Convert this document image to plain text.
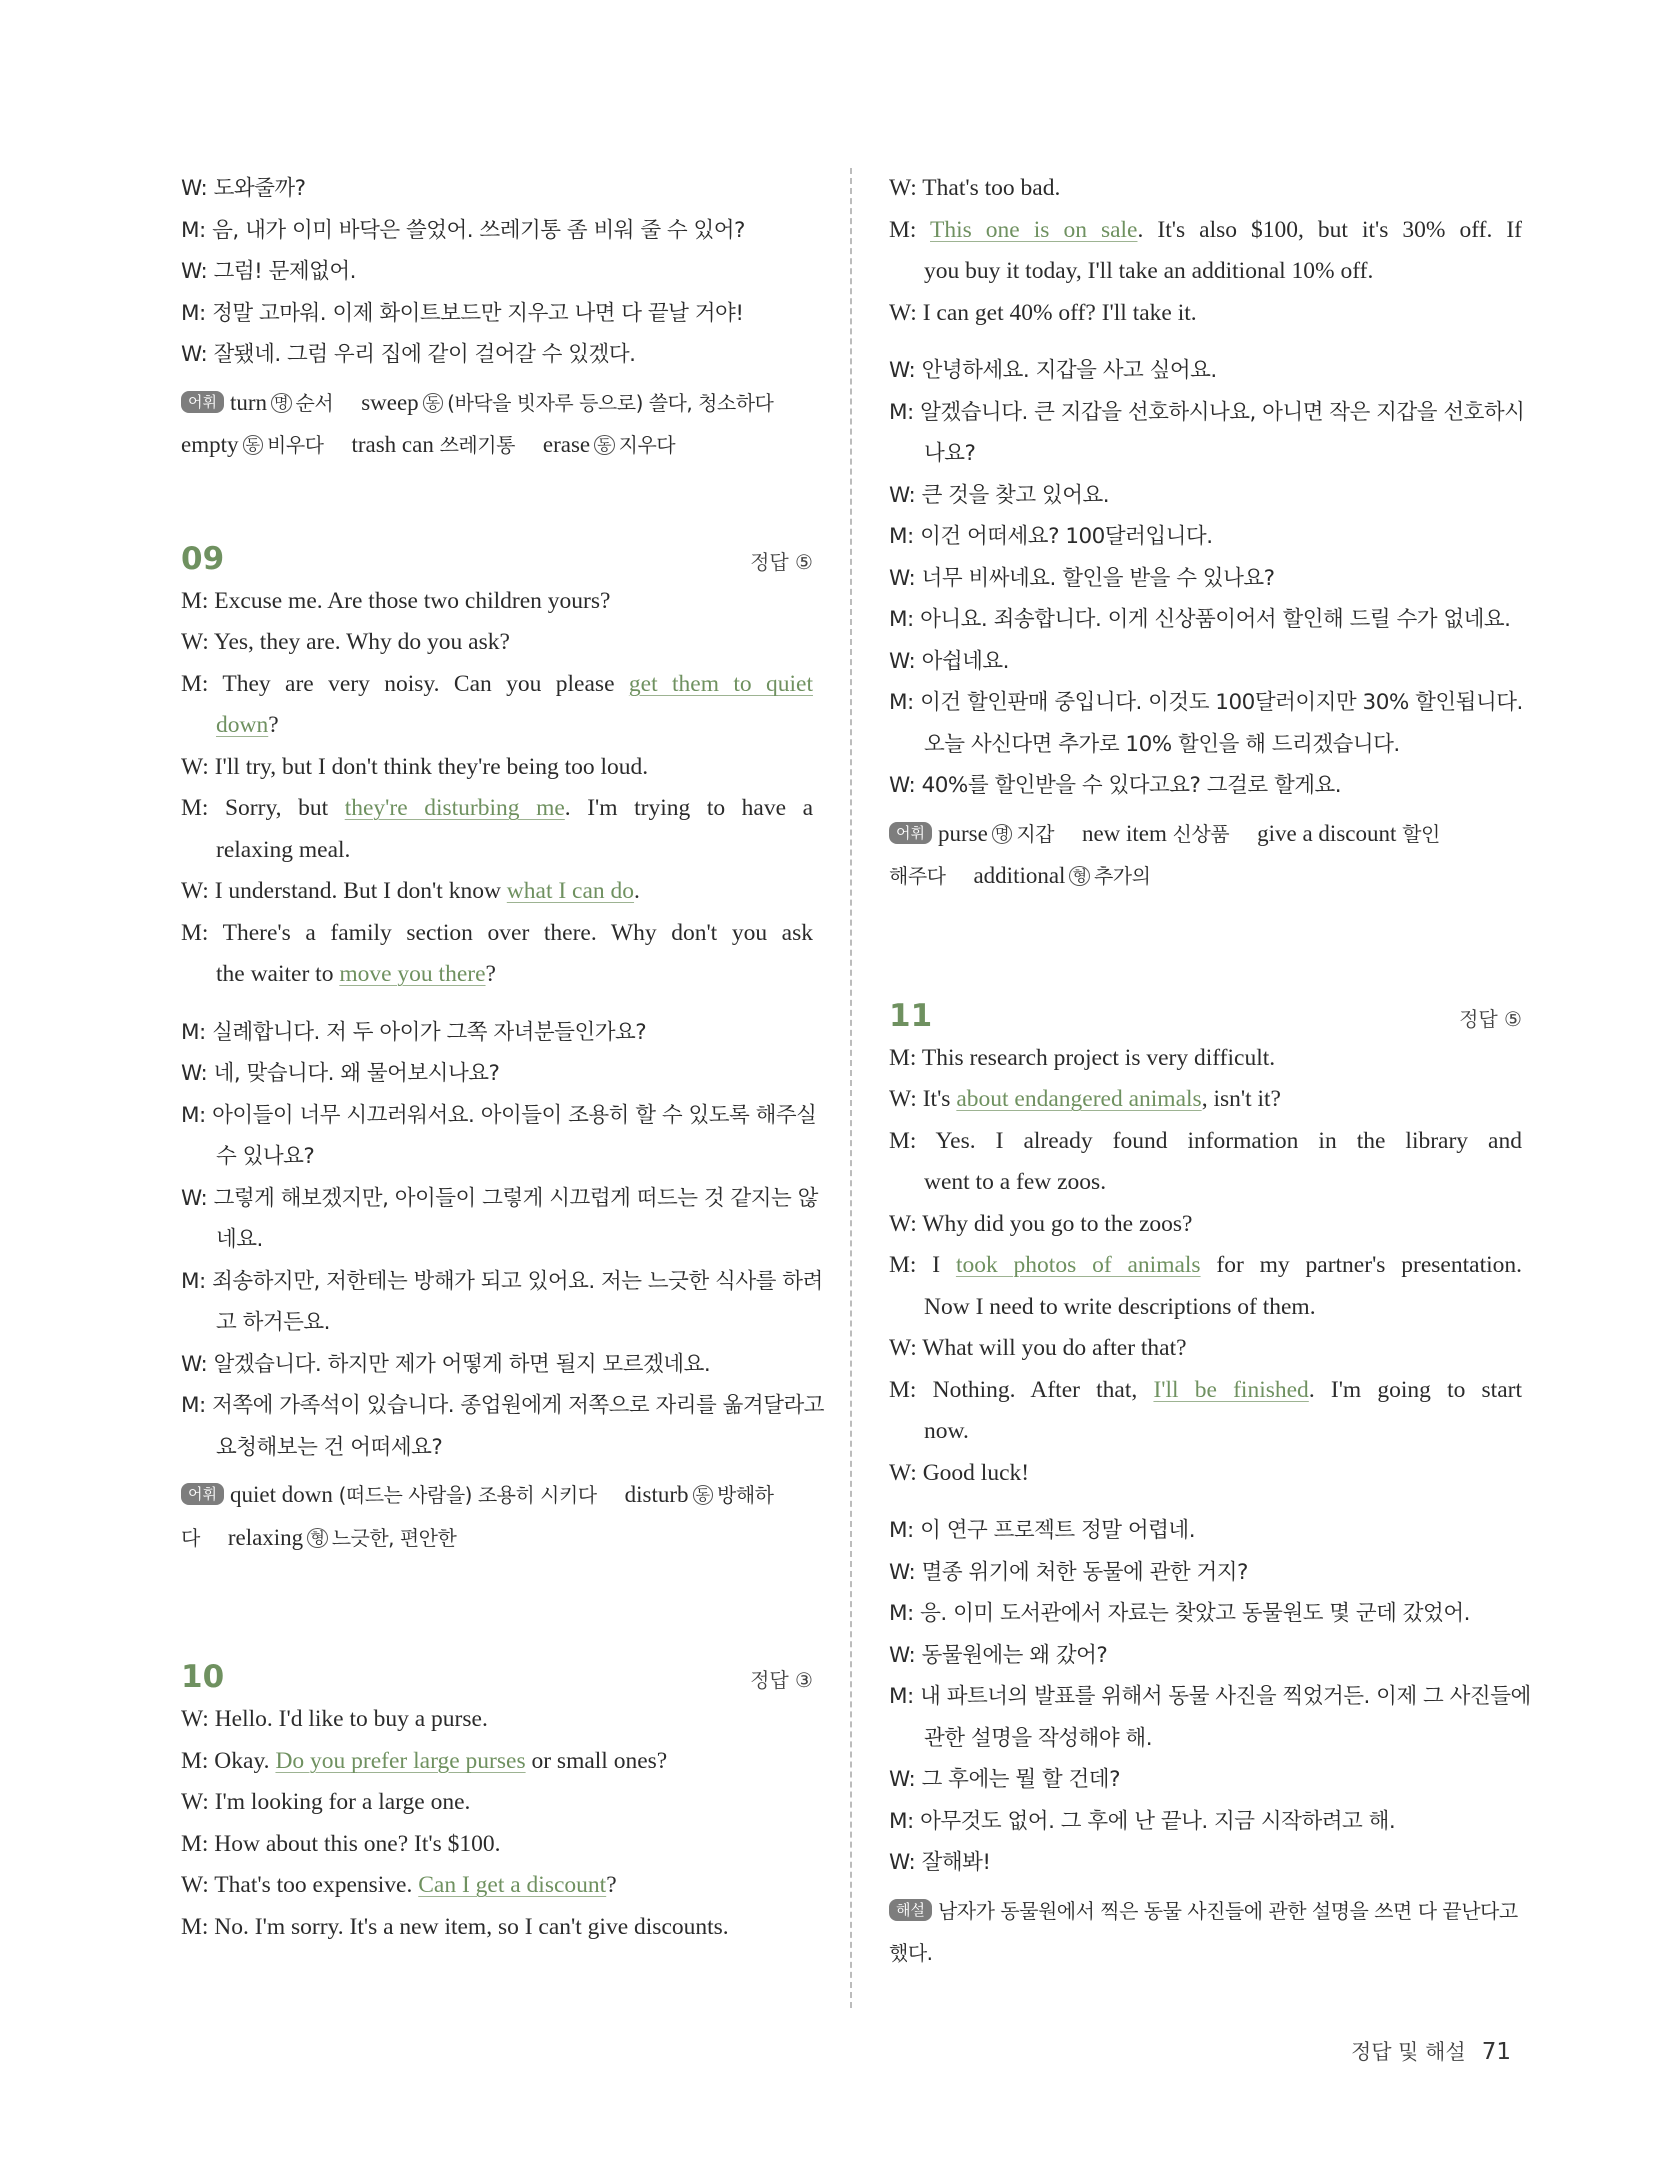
W: 도와줄까?

M: 음, 내가 이미 바닥은 쓸었어. 쓰레기통 좀 비워 줄 수 있어?

W: 그럼! 문제없어.

M: 정말 고마워. 이제 화이트보드만 지우고 나면 다 끝날 거야!

W: 잘됐네. 그럼 우리 집에 같이 걸어갈 수 있겠다.

어휘 turn 명 순서 sweep 동 (바닥을 빗자루 등으로) 쓸다, 청소하다
empty 동 비우다 trash can 쓰레기통 erase 동 지우다
09	정답 ⑤

M: Excuse me. Are those two children yours?

W: Yes, they are. Why do you ask?

M: They are very noisy. Can you please get them to quiet

down?

W: I'll try, but I don't think they're being too loud.

M: Sorry, but they're disturbing me. I'm trying to have a

relaxing meal.

W: I understand. But I don't know what I can do.

M: There's a family section over there. Why don't you ask

the waiter to move you there?

M: 실례합니다. 저 두 아이가 그쪽 자녀분들인가요?

W: 네, 맞습니다. 왜 물어보시나요?

M: 아이들이 너무 시끄러워서요. 아이들이 조용히 할 수 있도록 해주실

수 있나요?

W: 그렇게 해보겠지만, 아이들이 그렇게 시끄럽게 떠드는 것 같지는 않

네요.

M: 죄송하지만, 저한테는 방해가 되고 있어요. 저는 느긋한 식사를 하려

고 하거든요.

W: 알겠습니다. 하지만 제가 어떻게 하면 될지 모르겠네요.

M: 저쪽에 가족석이 있습니다. 종업원에게 저쪽으로 자리를 옮겨달라고

요청해보는 건 어떠세요?

어휘 quiet down (떠드는 사람을) 조용히 시키다 disturb 동 방해하
다 relaxing 형 느긋한, 편안한
10	정답 ③

W: Hello. I'd like to buy a purse.

M: Okay. Do you prefer large purses or small ones?

W: I'm looking for a large one.

M: How about this one? It's $100.

W: That's too expensive. Can I get a discount?

M: No. I'm sorry. It's a new item, so I can't give discounts.

W: That's too bad.

M: This one is on sale. It's also $100, but it's 30% off. If

you buy it today, I'll take an additional 10% off.

W: I can get 40% off? I'll take it.

W: 안녕하세요. 지갑을 사고 싶어요.

M: 알겠습니다. 큰 지갑을 선호하시나요, 아니면 작은 지갑을 선호하시

나요?

W: 큰 것을 찾고 있어요.

M: 이건 어떠세요? 100달러입니다.

W: 너무 비싸네요. 할인을 받을 수 있나요?

M: 아니요. 죄송합니다. 이게 신상품이어서 할인해 드릴 수가 없네요.

W: 아쉽네요.

M: 이건 할인판매 중입니다. 이것도 100달러이지만 30% 할인됩니다.

오늘 사신다면 추가로 10% 할인을 해 드리겠습니다.

W: 40%를 할인받을 수 있다고요? 그걸로 할게요.

어휘 purse 명 지갑 new item 신상품 give a discount 할인
해주다 additional 형 추가의
11	정답 ⑤

M: This research project is very difficult.

W: It's about endangered animals, isn't it?

M: Yes. I already found information in the library and

went to a few zoos.

W: Why did you go to the zoos?

M: I took photos of animals for my partner's presentation.

Now I need to write descriptions of them.

W: What will you do after that?

M: Nothing. After that, I'll be finished. I'm going to start

now.

W: Good luck!

M: 이 연구 프로젝트 정말 어렵네.

W: 멸종 위기에 처한 동물에 관한 거지?

M: 응. 이미 도서관에서 자료는 찾았고 동물원도 몇 군데 갔었어.

W: 동물원에는 왜 갔어?

M: 내 파트너의 발표를 위해서 동물 사진을 찍었거든. 이제 그 사진들에

관한 설명을 작성해야 해.

W: 그 후에는 뭘 할 건데?

M: 아무것도 없어. 그 후에 난 끝나. 지금 시작하려고 해.

W: 잘해봐!

해설 남자가 동물원에서 찍은 동물 사진들에 관한 설명을 쓰면 다 끝난다고
했다.
정답 및 해설 71
